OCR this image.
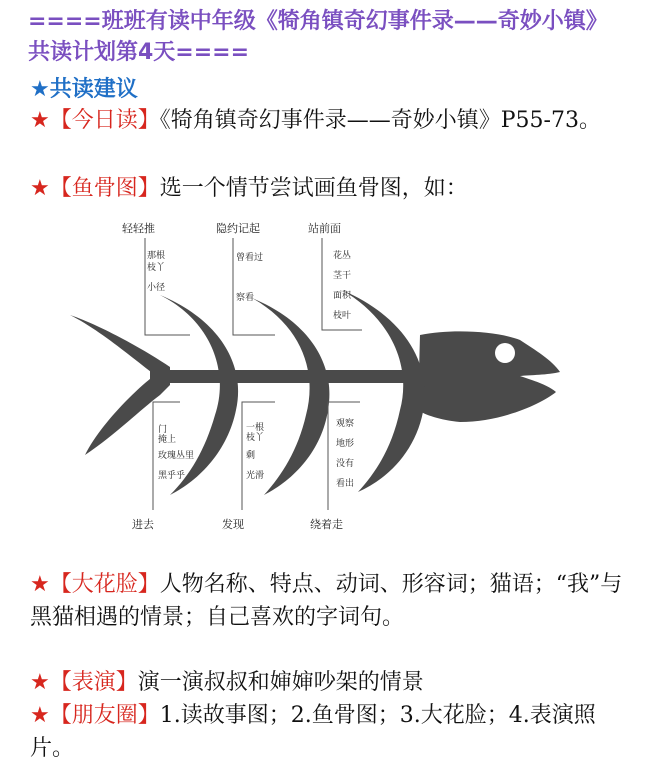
====班班有读中年级《犄角镇奇幻事件录——奇妙小镇》共读计划第4天====
★共读建议
★【今日读】《犄角镇奇幻事件录——奇妙小镇》P55-73。
★【鱼骨图】选一个情节尝试画鱼骨图，如：
轻轻推
那根
枝丫
小径
隐约记起
曾看过
察看
站前面
花丛
茎干
面积
枝叶
门
掩上
玫瑰丛里
黑乎乎
进去
一根
枝丫
剩
光滑
发现
观察
地形
没有
看出
绕着走
★【大花脸】人物名称、特点、动词、形容词；猫语；“我”与黑猫相遇的情景；自己喜欢的字词句。
★【表演】演一演叔叔和婶婶吵架的情景
★【朋友圈】1.读故事图；2.鱼骨图；3.大花脸；4.表演照片。
